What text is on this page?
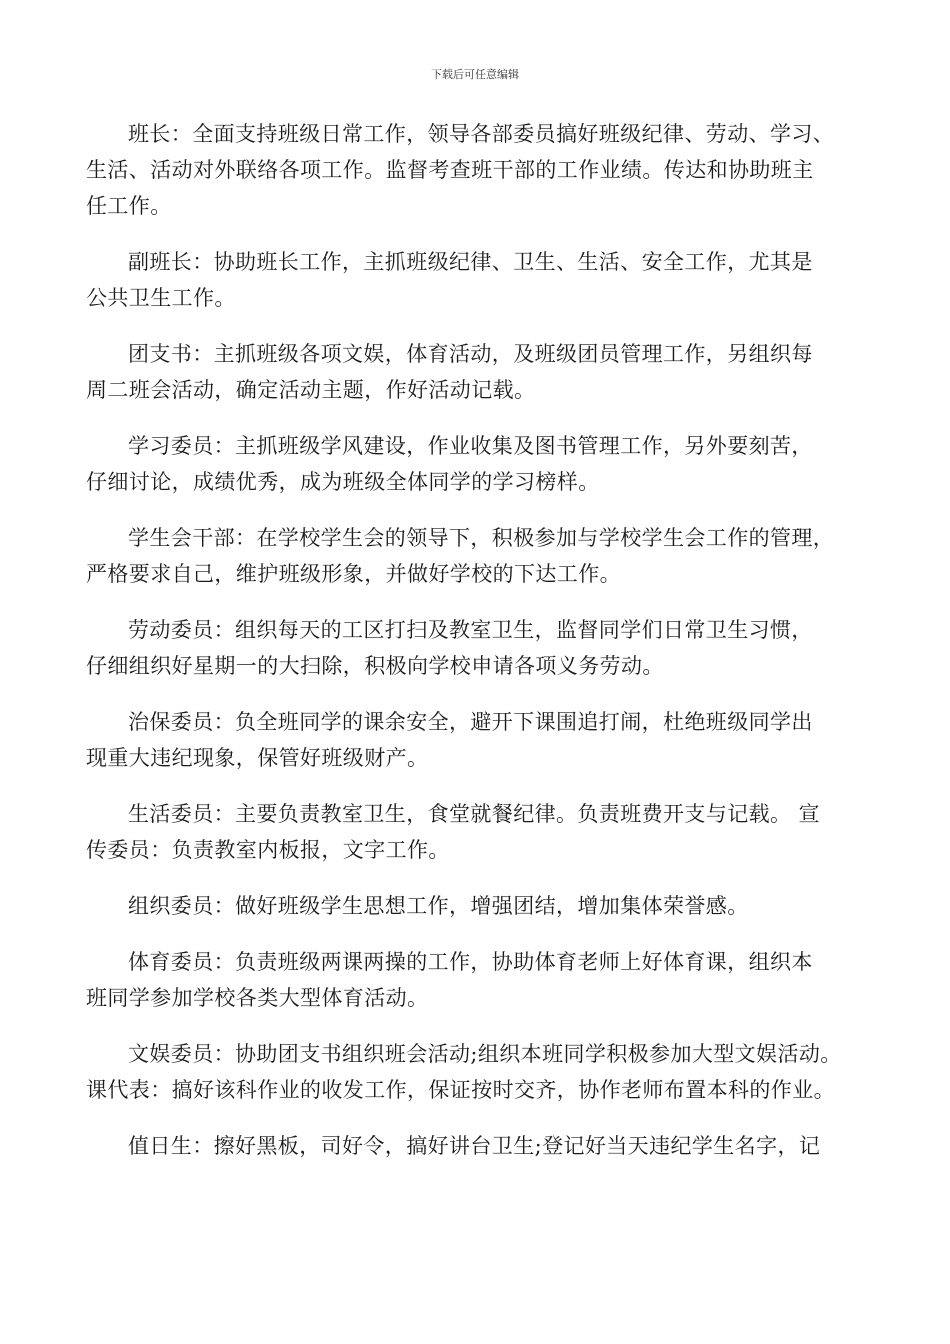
下载后可任意编辑

班长：全面支持班级日常工作，领导各部委员搞好班级纪律、劳动、学习、
生活、活动对外联络各项工作。监督考查班干部的工作业绩。传达和协助班主
任工作。

副班长：协助班长工作，主抓班级纪律、卫生、生活、安全工作，尤其是
公共卫生工作。

团支书：主抓班级各项文娱，体育活动，及班级团员管理工作，另组织每
周二班会活动，确定活动主题，作好活动记载。

学习委员：主抓班级学风建设，作业收集及图书管理工作，另外要刻苦，
仔细讨论，成绩优秀，成为班级全体同学的学习榜样。

学生会干部：在学校学生会的领导下，积极参加与学校学生会工作的管理，
严格要求自己，维护班级形象，并做好学校的下达工作。

劳动委员：组织每天的工区打扫及教室卫生，监督同学们日常卫生习惯，
仔细组织好星期一的大扫除，积极向学校申请各项义务劳动。

治保委员：负全班同学的课余安全，避开下课围追打闹，杜绝班级同学出
现重大违纪现象，保管好班级财产。

生活委员：主要负责教室卫生，食堂就餐纪律。负责班费开支与记载。 宣
传委员：负责教室内板报，文字工作。

组织委员：做好班级学生思想工作，增强团结，增加集体荣誉感。

体育委员：负责班级两课两操的工作，协助体育老师上好体育课，组织本
班同学参加学校各类大型体育活动。

文娱委员：协助团支书组织班会活动;组织本班同学积极参加大型文娱活动。
课代表：搞好该科作业的收发工作，保证按时交齐，协作老师布置本科的作业。

值日生：擦好黑板，司好令，搞好讲台卫生;登记好当天违纪学生名字，记
